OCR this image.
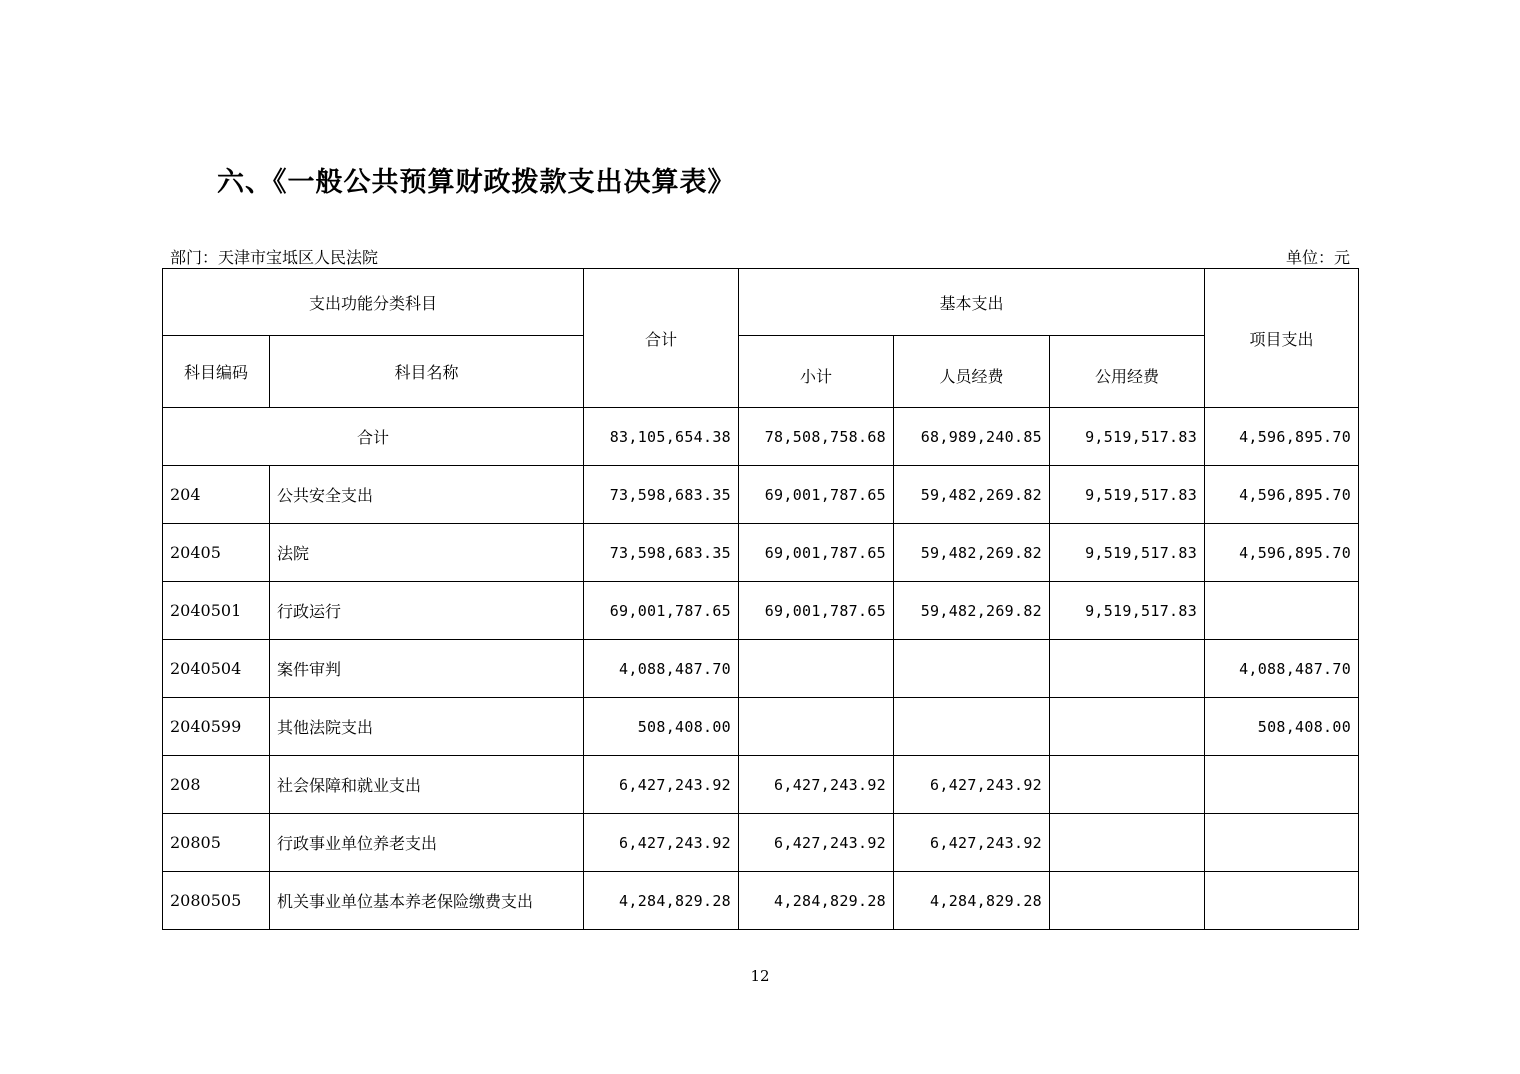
六、《一般公共预算财政拨款支出决算表》
部门：天津市宝坻区人民法院	单位：元
支出功能分类科目		合计	基本支出			项目支出
科目编码	科目名称		小计	人员经费	公用经费	
合计		83,105,654.38	78,508,758.68	68,989,240.85	9,519,517.83	4,596,895.70
204	公共安全支出	73,598,683.35	69,001,787.65	59,482,269.82	9,519,517.83	4,596,895.70
20405	法院	73,598,683.35	69,001,787.65	59,482,269.82	9,519,517.83	4,596,895.70
2040501	行政运行	69,001,787.65	69,001,787.65	59,482,269.82	9,519,517.83	
2040504	案件审判	4,088,487.70				4,088,487.70
2040599	其他法院支出	508,408.00				508,408.00
208	社会保障和就业支出	6,427,243.92	6,427,243.92	6,427,243.92		
20805	行政事业单位养老支出	6,427,243.92	6,427,243.92	6,427,243.92		
2080505	机关事业单位基本养老保险缴费支出	4,284,829.28	4,284,829.28	4,284,829.28		
12
